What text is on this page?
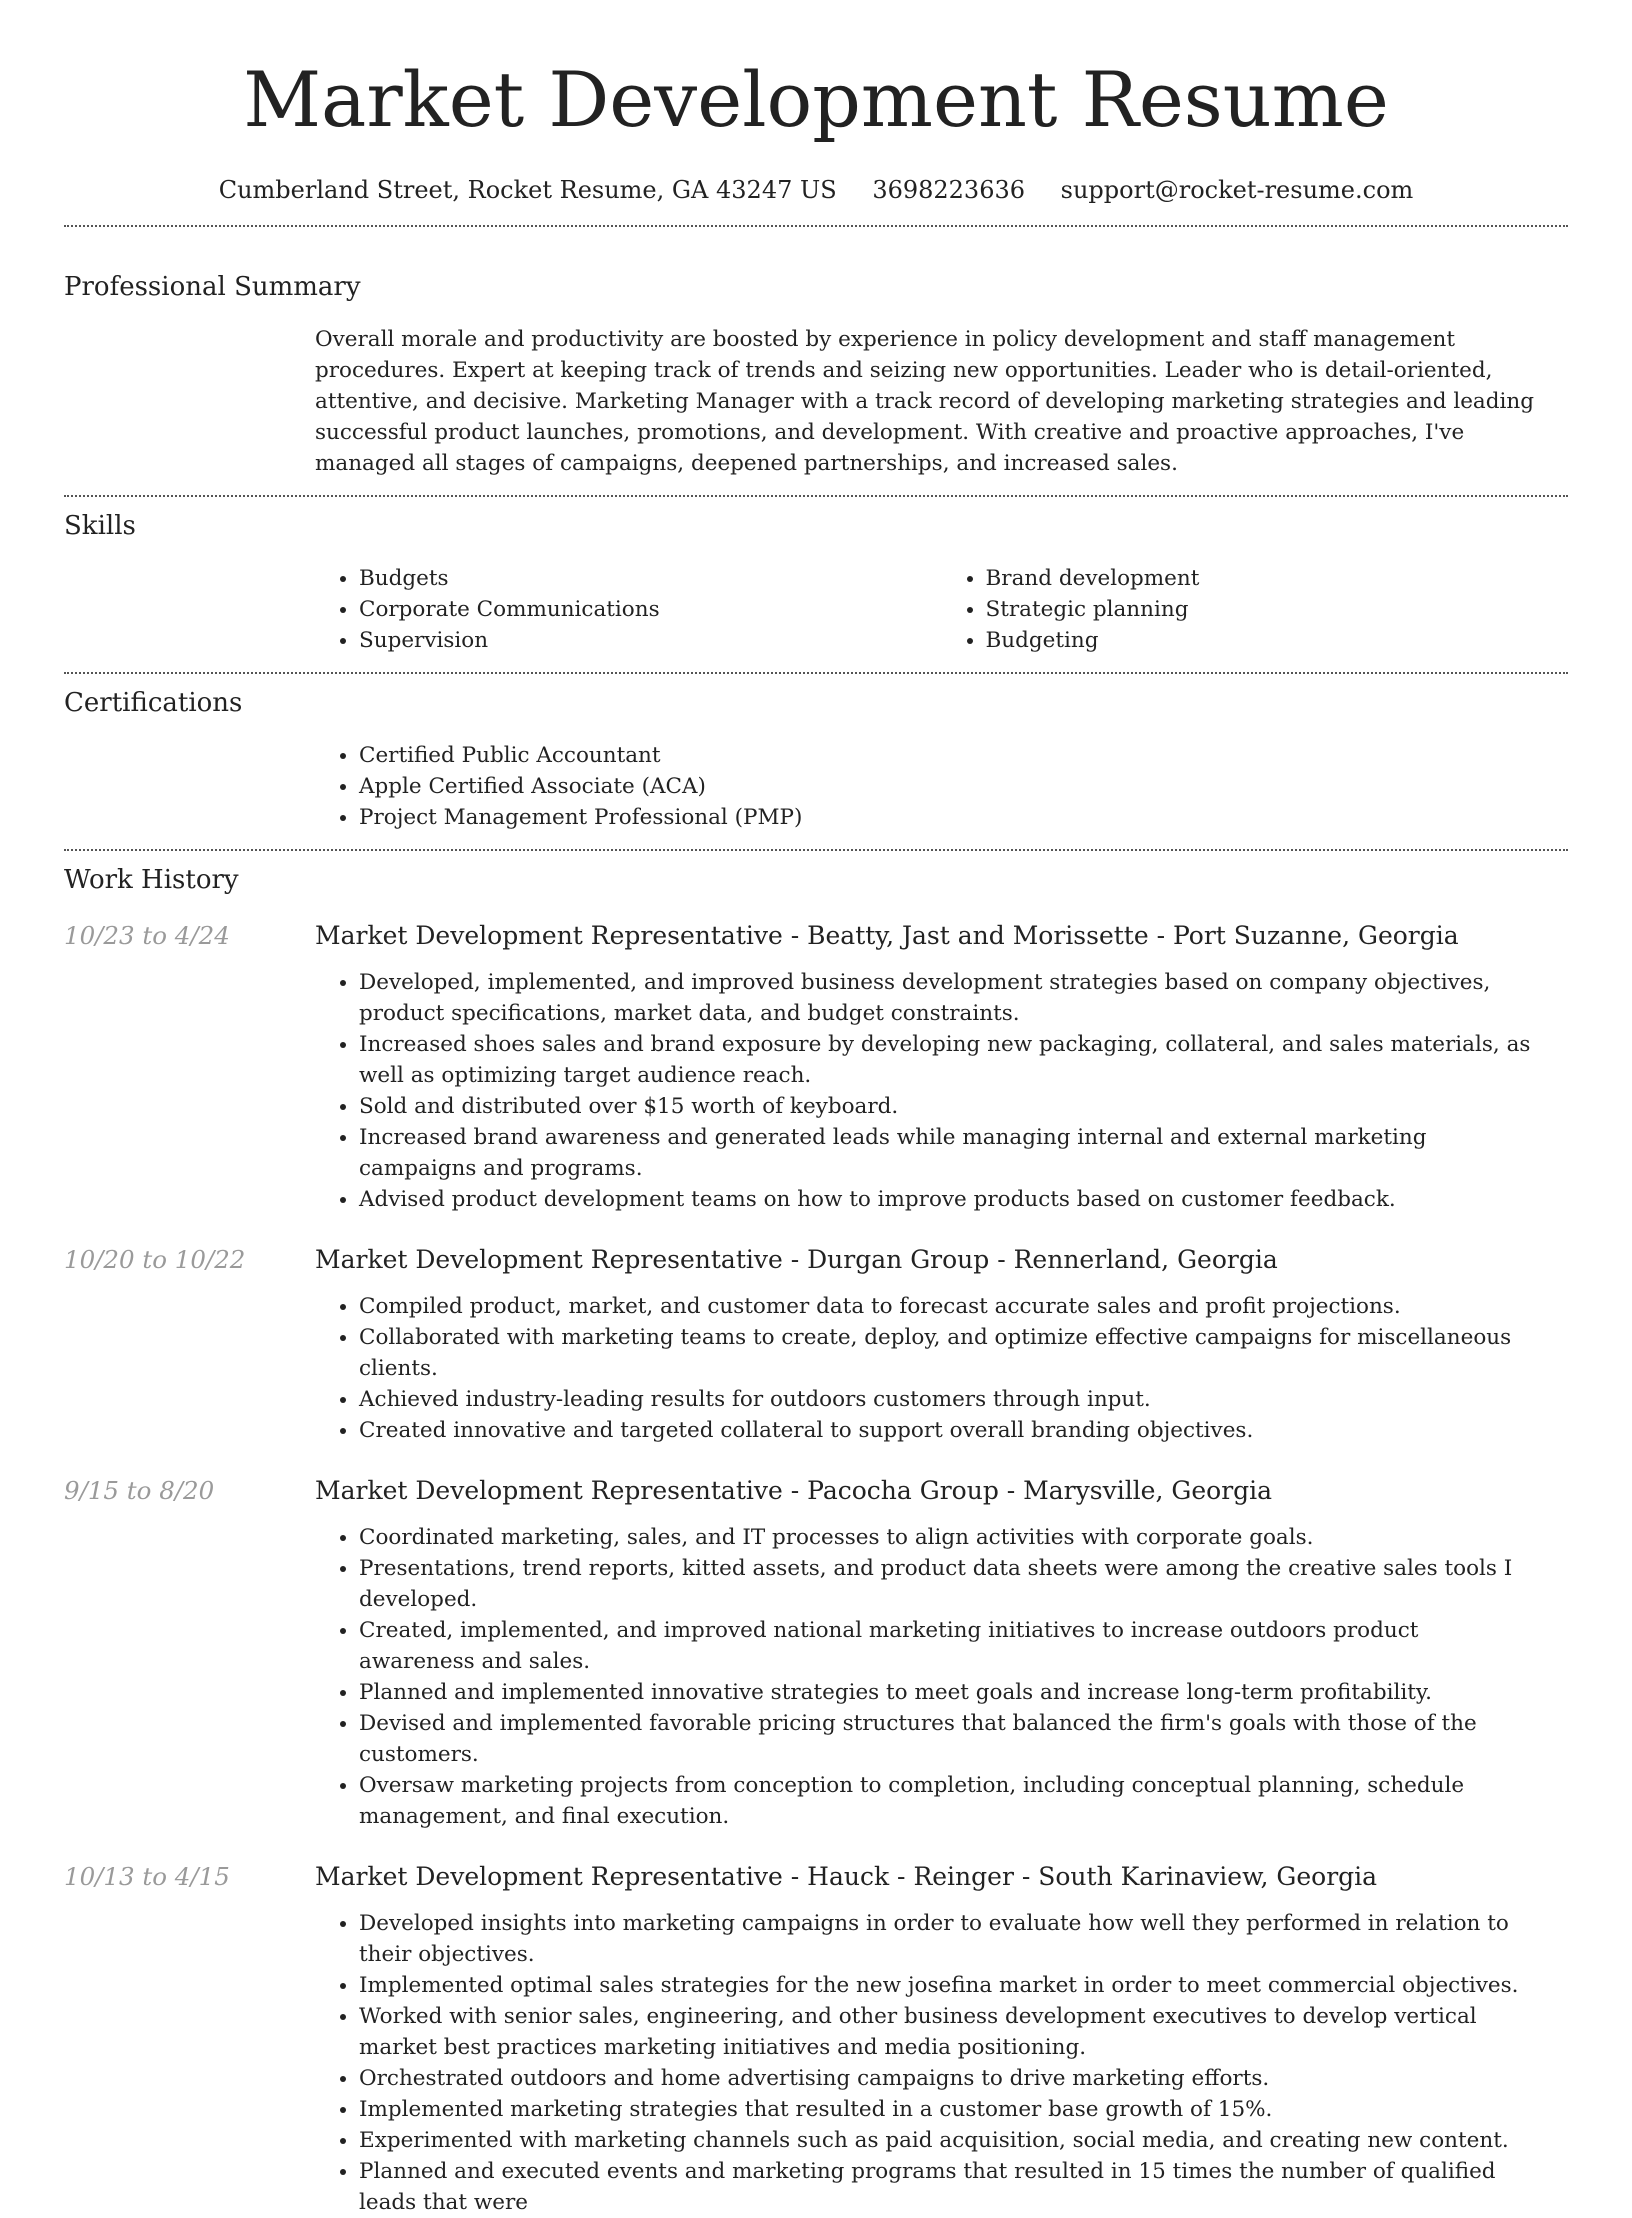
Market Development Resume
Cumberland Street, Rocket Resume, GA 43247 US 3698223636 support@rocket-resume.com
Professional Summary

Overall morale and productivity are boosted by experience in policy development and staff management procedures. Expert at keeping track of trends and seizing new opportunities. Leader who is detail-oriented, attentive, and decisive. Marketing Manager with a track record of developing marketing strategies and leading successful product launches, promotions, and development. With creative and proactive approaches, I've managed all stages of campaigns, deepened partnerships, and increased sales.

Skills
• Budgets
• Corporate Communications
• Supervision
• Brand development
• Strategic planning
• Budgeting
Certifications
• Certified Public Accountant
• Apple Certified Associate (ACA)
• Project Management Professional (PMP)
Work History
10/23 to 4/24	Market Development Representative - Beatty, Jast and Morissette - Port Suzanne, Georgia
• Developed, implemented, and improved business development strategies based on company objectives, product specifications, market data, and budget constraints.
• Increased shoes sales and brand exposure by developing new packaging, collateral, and sales materials, as well as optimizing target audience reach.
• Sold and distributed over $15 worth of keyboard.
• Increased brand awareness and generated leads while managing internal and external marketing campaigns and programs.
• Advised product development teams on how to improve products based on customer feedback.
10/20 to 10/22	Market Development Representative - Durgan Group - Rennerland, Georgia
• Compiled product, market, and customer data to forecast accurate sales and profit projections.
• Collaborated with marketing teams to create, deploy, and optimize effective campaigns for miscellaneous clients.
• Achieved industry-leading results for outdoors customers through input.
• Created innovative and targeted collateral to support overall branding objectives.
9/15 to 8/20	Market Development Representative - Pacocha Group - Marysville, Georgia
• Coordinated marketing, sales, and IT processes to align activities with corporate goals.
• Presentations, trend reports, kitted assets, and product data sheets were among the creative sales tools I developed.
• Created, implemented, and improved national marketing initiatives to increase outdoors product awareness and sales.
• Planned and implemented innovative strategies to meet goals and increase long-term profitability.
• Devised and implemented favorable pricing structures that balanced the firm's goals with those of the customers.
• Oversaw marketing projects from conception to completion, including conceptual planning, schedule management, and final execution.
10/13 to 4/15	Market Development Representative - Hauck - Reinger - South Karinaview, Georgia
• Developed insights into marketing campaigns in order to evaluate how well they performed in relation to their objectives.
• Implemented optimal sales strategies for the new josefina market in order to meet commercial objectives.
• Worked with senior sales, engineering, and other business development executives to develop vertical market best practices marketing initiatives and media positioning.
• Orchestrated outdoors and home advertising campaigns to drive marketing efforts.
• Implemented marketing strategies that resulted in a customer base growth of 15%.
• Experimented with marketing channels such as paid acquisition, social media, and creating new content.
• Planned and executed events and marketing programs that resulted in 15 times the number of qualified leads that were
